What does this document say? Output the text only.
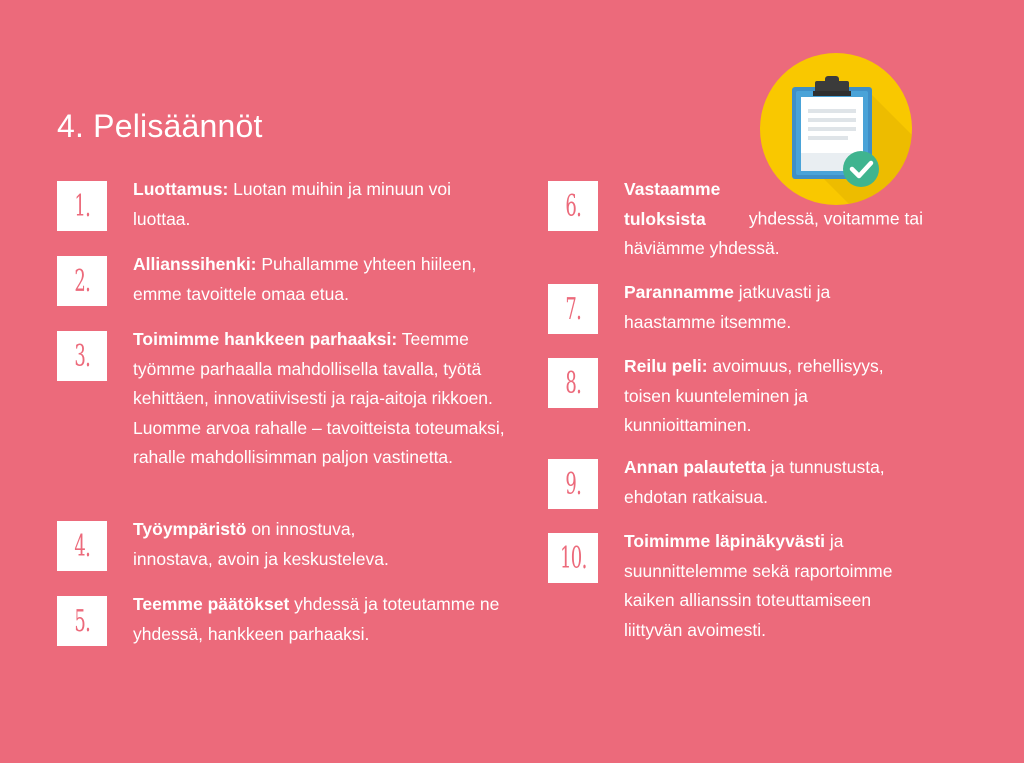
4. Pelisäännöt
1. Luottamus: Luotan muihin ja minuun voi luottaa.
2. Allianssihenki: Puhallamme yhteen hiileen, emme tavoittele omaa etua.
3. Toimimme hankkeen parhaaksi: Teemme työmme parhaalla mahdollisella tavalla, työtä kehittäen, innovatiivisesti ja raja-aitoja rikkoen. Luomme arvoa rahalle – tavoitteista toteumaksi, rahalle mahdollisimman paljon vastinetta.
4. Työympäristö on innostuva, innostava, avoin ja keskusteleva.
5. Teemme päätökset yhdessä ja toteutamme ne yhdessä, hankkeen parhaaksi.
6. Vastaamme tuloksista yhdessä, voitamme tai häviämme yhdessä.
7. Parannamme jatkuvasti ja haastamme itsemme.
8. Reilu peli: avoimuus, rehellisyys, toisen kuunteleminen ja kunnioittaminen.
9. Annan palautetta ja tunnustusta, ehdotan ratkaisua.
10. Toimimme läpinäkyvästi ja suunnittelemme sekä raportoimme kaiken allianssin toteuttamiseen liittyvän avoimesti.
